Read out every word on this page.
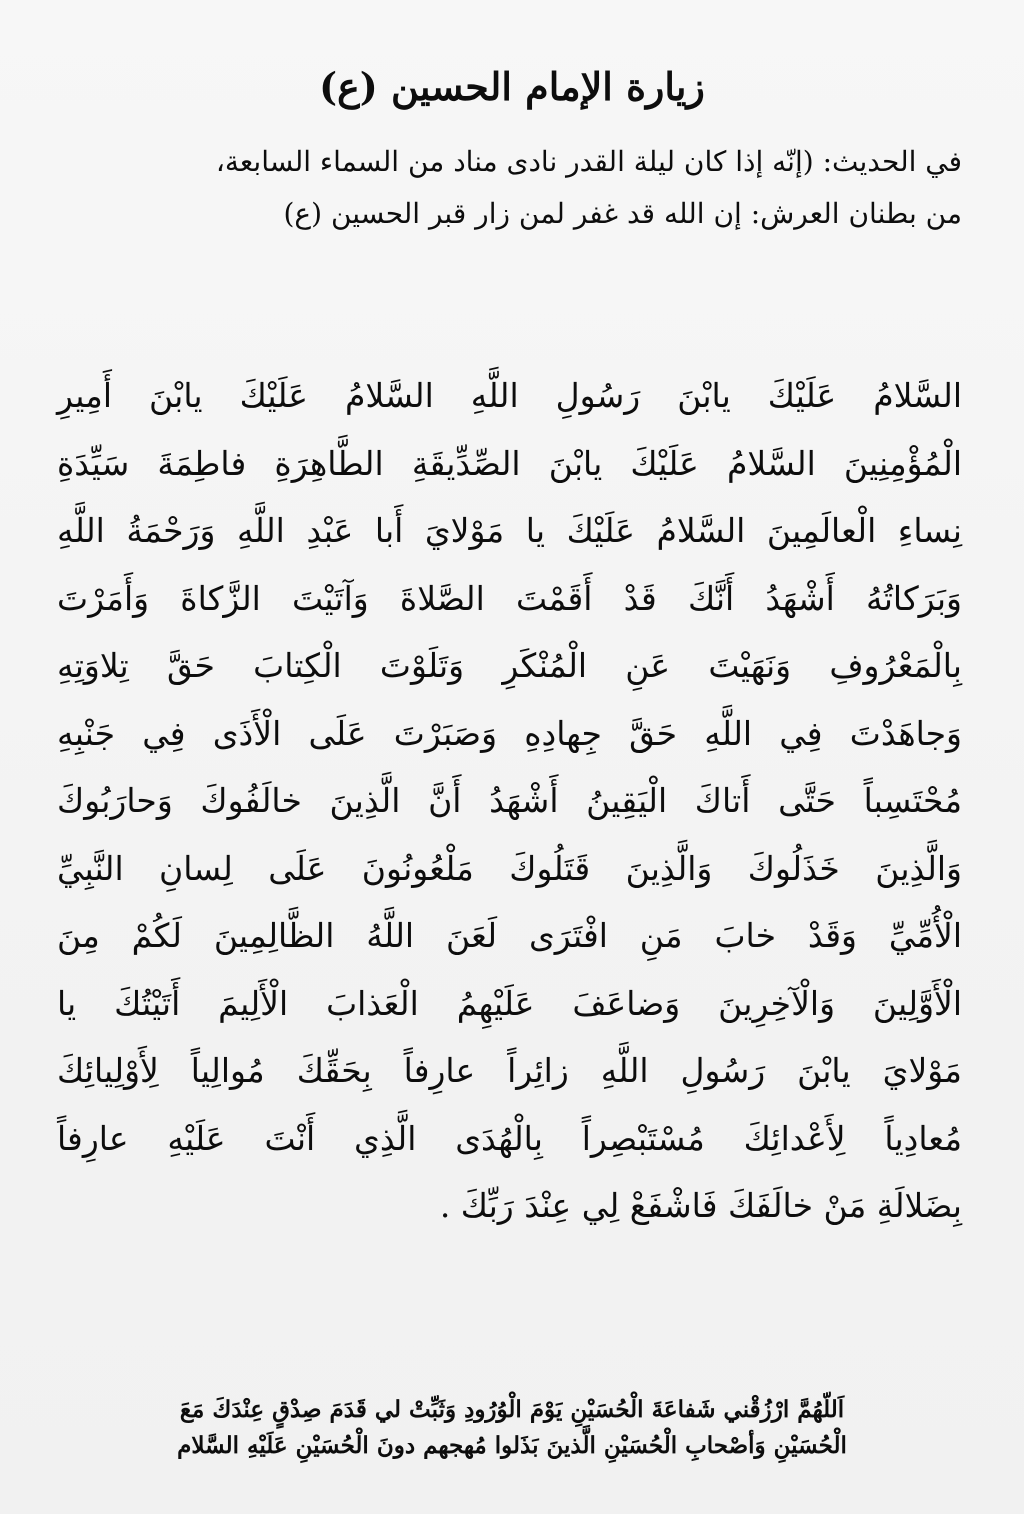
زيارة الإمام الحسين (ع)
في الحديث: (إنّه إذا كان ليلة القدر نادى مناد من السماء السابعة،
من بطنان العرش: إن الله قد غفر لمن زار قبر الحسين (ع)
السَّلامُ عَلَيْكَ يابْنَ رَسُولِ اللَّهِ السَّلامُ عَلَيْكَ يابْنَ أَمِيرِ
الْمُؤْمِنِينَ السَّلامُ عَلَيْكَ يابْنَ الصِّدِّيقَةِ الطَّاهِرَةِ فاطِمَةَ سَيِّدَةِ
نِساءِ الْعالَمِينَ السَّلامُ عَلَيْكَ يا مَوْلايَ أَبا عَبْدِ اللَّهِ وَرَحْمَةُ اللَّهِ
وَبَرَكاتُهُ أَشْهَدُ أَنَّكَ قَدْ أَقَمْتَ الصَّلاةَ وَآتَيْتَ الزَّكاةَ وَأَمَرْتَ
بِالْمَعْرُوفِ وَنَهَيْتَ عَنِ الْمُنْكَرِ وَتَلَوْتَ الْكِتابَ حَقَّ تِلاوَتِهِ
وَجاهَدْتَ فِي اللَّهِ حَقَّ جِهادِهِ وَصَبَرْتَ عَلَى الْأَذَى فِي جَنْبِهِ
مُحْتَسِباً حَتَّى أَتاكَ الْيَقِينُ أَشْهَدُ أَنَّ الَّذِينَ خالَفُوكَ وَحارَبُوكَ
وَالَّذِينَ خَذَلُوكَ وَالَّذِينَ قَتَلُوكَ مَلْعُونُونَ عَلَى لِسانِ النَّبِيِّ
الْأُمِّيِّ وَقَدْ خابَ مَنِ افْتَرَى لَعَنَ اللَّهُ الظَّالِمِينَ لَكُمْ مِنَ
الْأَوَّلِينَ وَالْآخِرِينَ وَضاعَفَ عَلَيْهِمُ الْعَذابَ الْأَلِيمَ أَتَيْتُكَ يا
مَوْلايَ يابْنَ رَسُولِ اللَّهِ زائِراً عارِفاً بِحَقِّكَ مُوالِياً لِأَوْلِيائِكَ
مُعادِياً لِأَعْدائِكَ مُسْتَبْصِراً بِالْهُدَى الَّذِي أَنْتَ عَلَيْهِ عارِفاً
بِضَلالَةِ مَنْ خالَفَكَ فَاشْفَعْ لِي عِنْدَ رَبِّكَ .
اَللّهُمَّ ارْزُقْني شَفاعَةَ الْحُسَيْنِ يَوْمَ الْوُرُودِ وَثَبِّتْ لي قَدَمَ صِدْقٍ عِنْدَكَ مَعَ
الْحُسَيْنِ وَأصْحابِ الْحُسَيْنِ الَّذينَ بَذَلوا مُهجهم دونَ الْحُسَيْنِ عَلَيْهِ السَّلام
